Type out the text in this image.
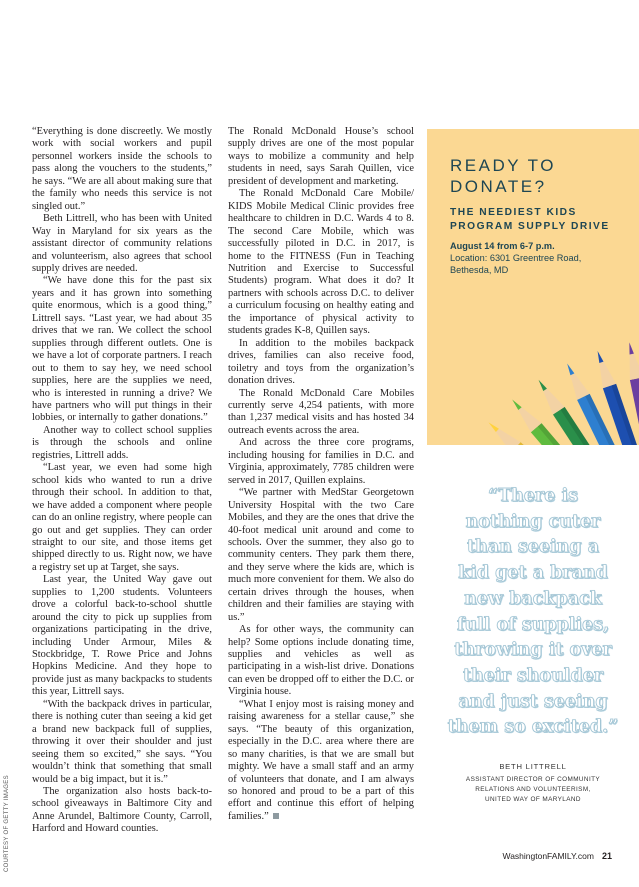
“Everything is done discreetly. We mostly work with social workers and pupil personnel workers inside the schools to pass along the vouchers to the students,” he says. “We are all about making sure that the family who needs this service is not singled out.”

Beth Littrell, who has been with United Way in Maryland for six years as the assistant director of community relations and volunteerism, also agrees that school supply drives are needed.

“We have done this for the past six years and it has grown into something quite enormous, which is a good thing,” Littrell says. “Last year, we had about 35 drives that we ran. We collect the school supplies through different outlets. One is we have a lot of corporate partners. I reach out to them to say hey, we need school supplies, here are the supplies we need, who is interested in running a drive? We have partners who will put things in their lobbies, or internally to gather donations.”

Another way to collect school supplies is through the schools and online registries, Littrell adds.

“Last year, we even had some high school kids who wanted to run a drive through their school. In addition to that, we have added a component where people can do an online registry, where people can go out and get supplies. They can order straight to our site, and those items get shipped directly to us. Right now, we have a registry set up at Target, she says.

Last year, the United Way gave out supplies to 1,200 students. Volunteers drove a colorful back-to-school shuttle around the city to pick up supplies from organizations participating in the drive, including Under Armour, Miles & Stockbridge, T. Rowe Price and Johns Hopkins Medicine. And they hope to provide just as many backpacks to students this year, Littrell says.

“With the backpack drives in particular, there is nothing cuter than seeing a kid get a brand new backpack full of supplies, throwing it over their shoulder and just seeing them so excited,” she says. “You wouldn’t think that something that small would be a big impact, but it is.”

The organization also hosts back-to-school giveaways in Baltimore City and Anne Arundel, Baltimore County, Carroll, Harford and Howard counties.

The Ronald McDonald House’s school supply drives are one of the most popular ways to mobilize a community and help students in need, says Sarah Quillen, vice president of development and marketing.

The Ronald McDonald Care Mobile/ KIDS Mobile Medical Clinic provides free healthcare to children in D.C. Wards 4 to 8. The second Care Mobile, which was successfully piloted in D.C. in 2017, is home to the FITNESS (Fun in Teaching Nutrition and Exercise to Successful Students) program. What does it do? It partners with schools across D.C. to deliver a curriculum focusing on healthy eating and the importance of physical activity to students grades K-8, Quillen says.

In addition to the mobiles backpack drives, families can also receive food, toiletry and toys from the organization’s donation drives.

The Ronald McDonald Care Mobiles currently serve 4,254 patients, with more than 1,237 medical visits and has hosted 34 outreach events across the area.

And across the three core programs, including housing for families in D.C. and Virginia, approximately, 7785 children were served in 2017, Quillen explains.

“We partner with MedStar Georgetown University Hospital with the two Care Mobiles, and they are the ones that drive the 40-foot medical unit around and come to schools. Over the summer, they also go to community centers. They park them there, and they serve where the kids are, which is much more convenient for them. We also do certain drives through the houses, when children and their families are staying with us.”

As for other ways, the community can help? Some options include donating time, supplies and vehicles as well as participating in a wish-list drive. Donations can even be dropped off to either the D.C. or Virginia house.

“What I enjoy most is raising money and raising awareness for a stellar cause,” she says. “The beauty of this organization, especially in the D.C. area where there are so many charities, is that we are small but mighty. We have a small staff and an army of volunteers that donate, and I am always so honored and proud to be a part of this effort and continue this effort of helping families.”

COURTESY OF GETTY IMAGES
READY TO
DONATE?
THE NEEDIEST KIDS
PROGRAM SUPPLY DRIVE
August 14 from 6-7 p.m.
Location: 6301 Greentree Road,
Bethesda, MD
“There is
nothing cuter
than seeing a
kid get a brand
new backpack
full of supplies,
throwing it over
their shoulder
and just seeing
them so excited.”
BETH LITTRELL
ASSISTANT DIRECTOR OF COMMUNITY
RELATIONS AND VOLUNTEERISM,
UNITED WAY OF MARYLAND
WashingtonFAMILY.com 21
